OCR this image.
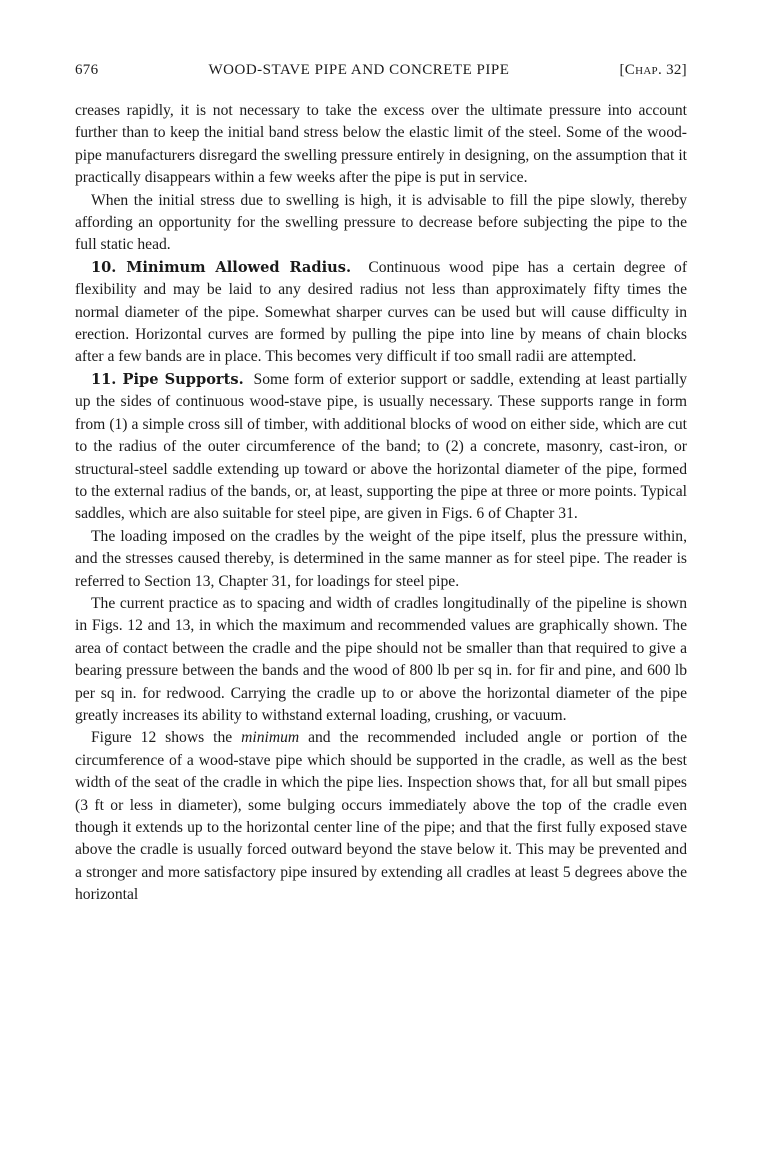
676	WOOD-STAVE PIPE AND CONCRETE PIPE	[Chap. 32]

creases rapidly, it is not necessary to take the excess over the ultimate pressure into account further than to keep the initial band stress below the elastic limit of the steel. Some of the wood-pipe manufacturers disregard the swelling pressure entirely in designing, on the assumption that it practically disappears within a few weeks after the pipe is put in service.

When the initial stress due to swelling is high, it is advisable to fill the pipe slowly, thereby affording an opportunity for the swelling pressure to decrease before subjecting the pipe to the full static head.

10. Minimum Allowed Radius. Continuous wood pipe has a certain degree of flexibility and may be laid to any desired radius not less than approximately fifty times the normal diameter of the pipe. Somewhat sharper curves can be used but will cause difficulty in erection. Horizontal curves are formed by pulling the pipe into line by means of chain blocks after a few bands are in place. This becomes very difficult if too small radii are attempted.

11. Pipe Supports. Some form of exterior support or saddle, extending at least partially up the sides of continuous wood-stave pipe, is usually necessary. These supports range in form from (1) a simple cross sill of timber, with additional blocks of wood on either side, which are cut to the radius of the outer circumference of the band; to (2) a concrete, masonry, cast-iron, or structural-steel saddle extending up toward or above the horizontal diameter of the pipe, formed to the external radius of the bands, or, at least, supporting the pipe at three or more points. Typical saddles, which are also suitable for steel pipe, are given in Figs. 6 of Chapter 31.

The loading imposed on the cradles by the weight of the pipe itself, plus the pressure within, and the stresses caused thereby, is determined in the same manner as for steel pipe. The reader is referred to Section 13, Chapter 31, for loadings for steel pipe.

The current practice as to spacing and width of cradles longitudinally of the pipeline is shown in Figs. 12 and 13, in which the maximum and recommended values are graphically shown. The area of contact between the cradle and the pipe should not be smaller than that required to give a bearing pressure between the bands and the wood of 800 lb per sq in. for fir and pine, and 600 lb per sq in. for redwood. Carrying the cradle up to or above the horizontal diameter of the pipe greatly increases its ability to withstand external loading, crushing, or vacuum.

Figure 12 shows the minimum and the recommended included angle or portion of the circumference of a wood-stave pipe which should be supported in the cradle, as well as the best width of the seat of the cradle in which the pipe lies. Inspection shows that, for all but small pipes (3 ft or less in diameter), some bulging occurs immediately above the top of the cradle even though it extends up to the horizontal center line of the pipe; and that the first fully exposed stave above the cradle is usually forced outward beyond the stave below it. This may be prevented and a stronger and more satisfactory pipe insured by extending all cradles at least 5 degrees above the horizontal
